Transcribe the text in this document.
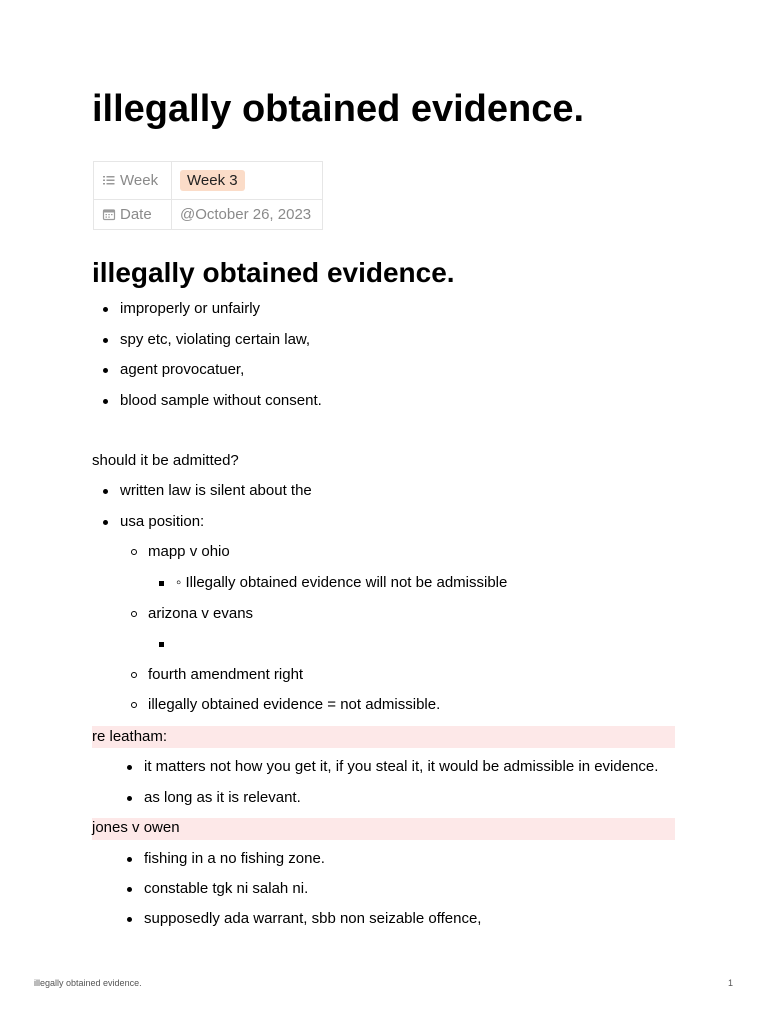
illegally obtained evidence.
Week	Week 3
Date	@October 26, 2023
illegally obtained evidence.
improperly or unfairly
spy etc, violating certain law,
agent provocatuer,
blood sample without consent.
should it be admitted?
written law is silent about the
usa position:
mapp v ohio
◦ Illegally obtained evidence will not be admissible
arizona v evans
fourth amendment right
illegally obtained evidence = not admissible.
re leatham:
it matters not how you get it, if you steal it, it would be admissible in evidence.
as long as it is relevant.
jones v owen
fishing in a no fishing zone.
constable tgk ni salah ni.
supposedly ada warrant, sbb non seizable offence,
illegally obtained evidence.	1
